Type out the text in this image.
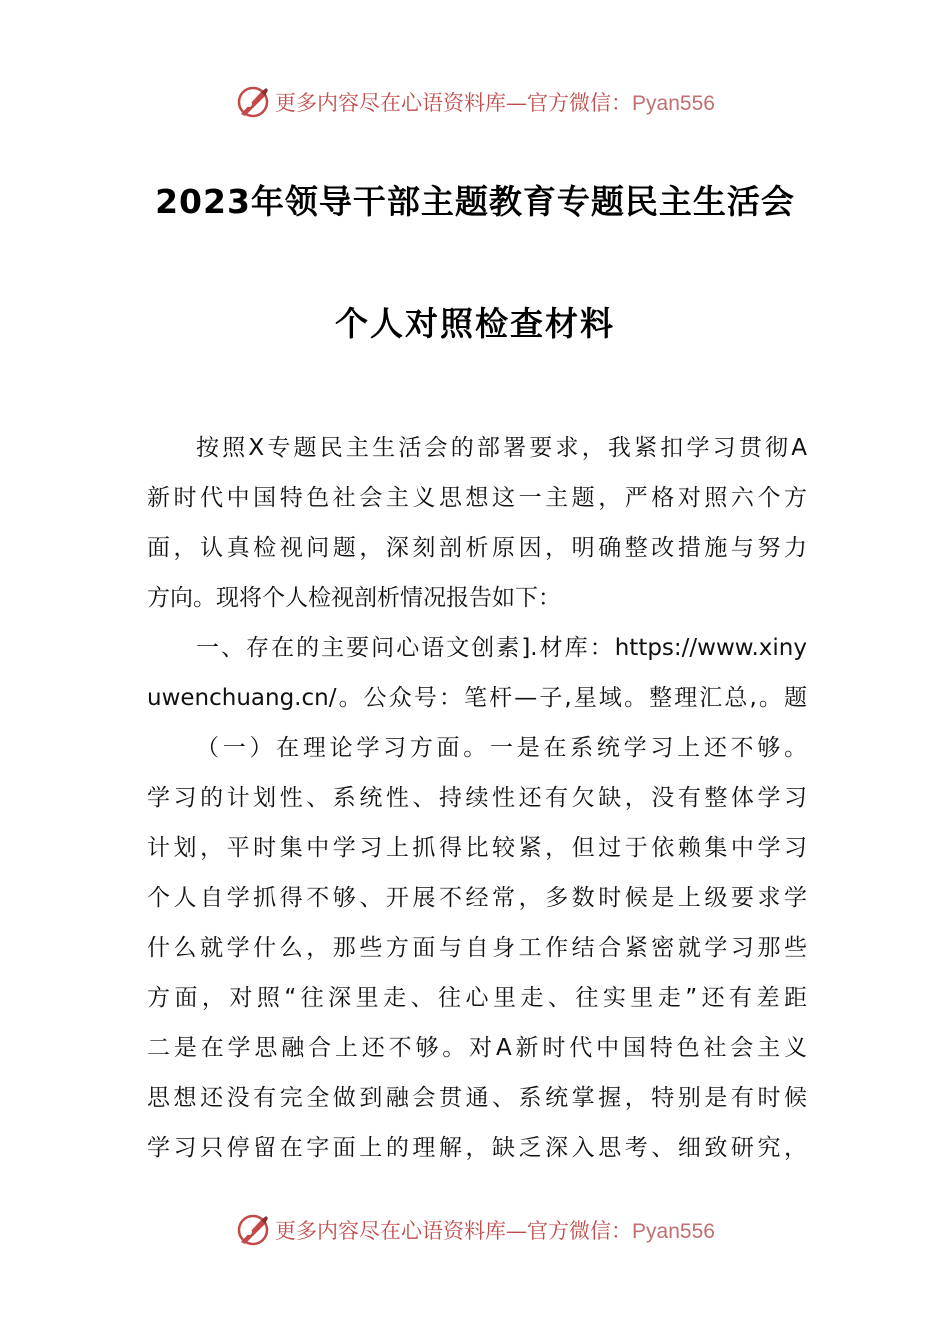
更多内容尽在心语资料库—官方微信：Pyan556
2023年领导干部主题教育专题民主生活会
个人对照检查材料
按照X专题民主生活会的部署要求，我紧扣学习贯彻A
新时代中国特色社会主义思想这一主题，严格对照六个方
面，认真检视问题，深刻剖析原因，明确整改措施与努力
方向。现将个人检视剖析情况报告如下：
一、存在的主要问心语文创素].材库：https://www.xiny
uwenchuang.cn/。公众号：笔杆—子,星域。整理汇总,。题
（一）在理论学习方面。一是在系统学习上还不够。
学习的计划性、系统性、持续性还有欠缺，没有整体学习
计划，平时集中学习上抓得比较紧，但过于依赖集中学习
个人自学抓得不够、开展不经常，多数时候是上级要求学
什么就学什么，那些方面与自身工作结合紧密就学习那些
方面，对照“往深里走、往心里走、往实里走”还有差距
二是在学思融合上还不够。对A新时代中国特色社会主义
思想还没有完全做到融会贯通、系统掌握，特别是有时候
学习只停留在字面上的理解，缺乏深入思考、细致研究，
更多内容尽在心语资料库—官方微信：Pyan556
